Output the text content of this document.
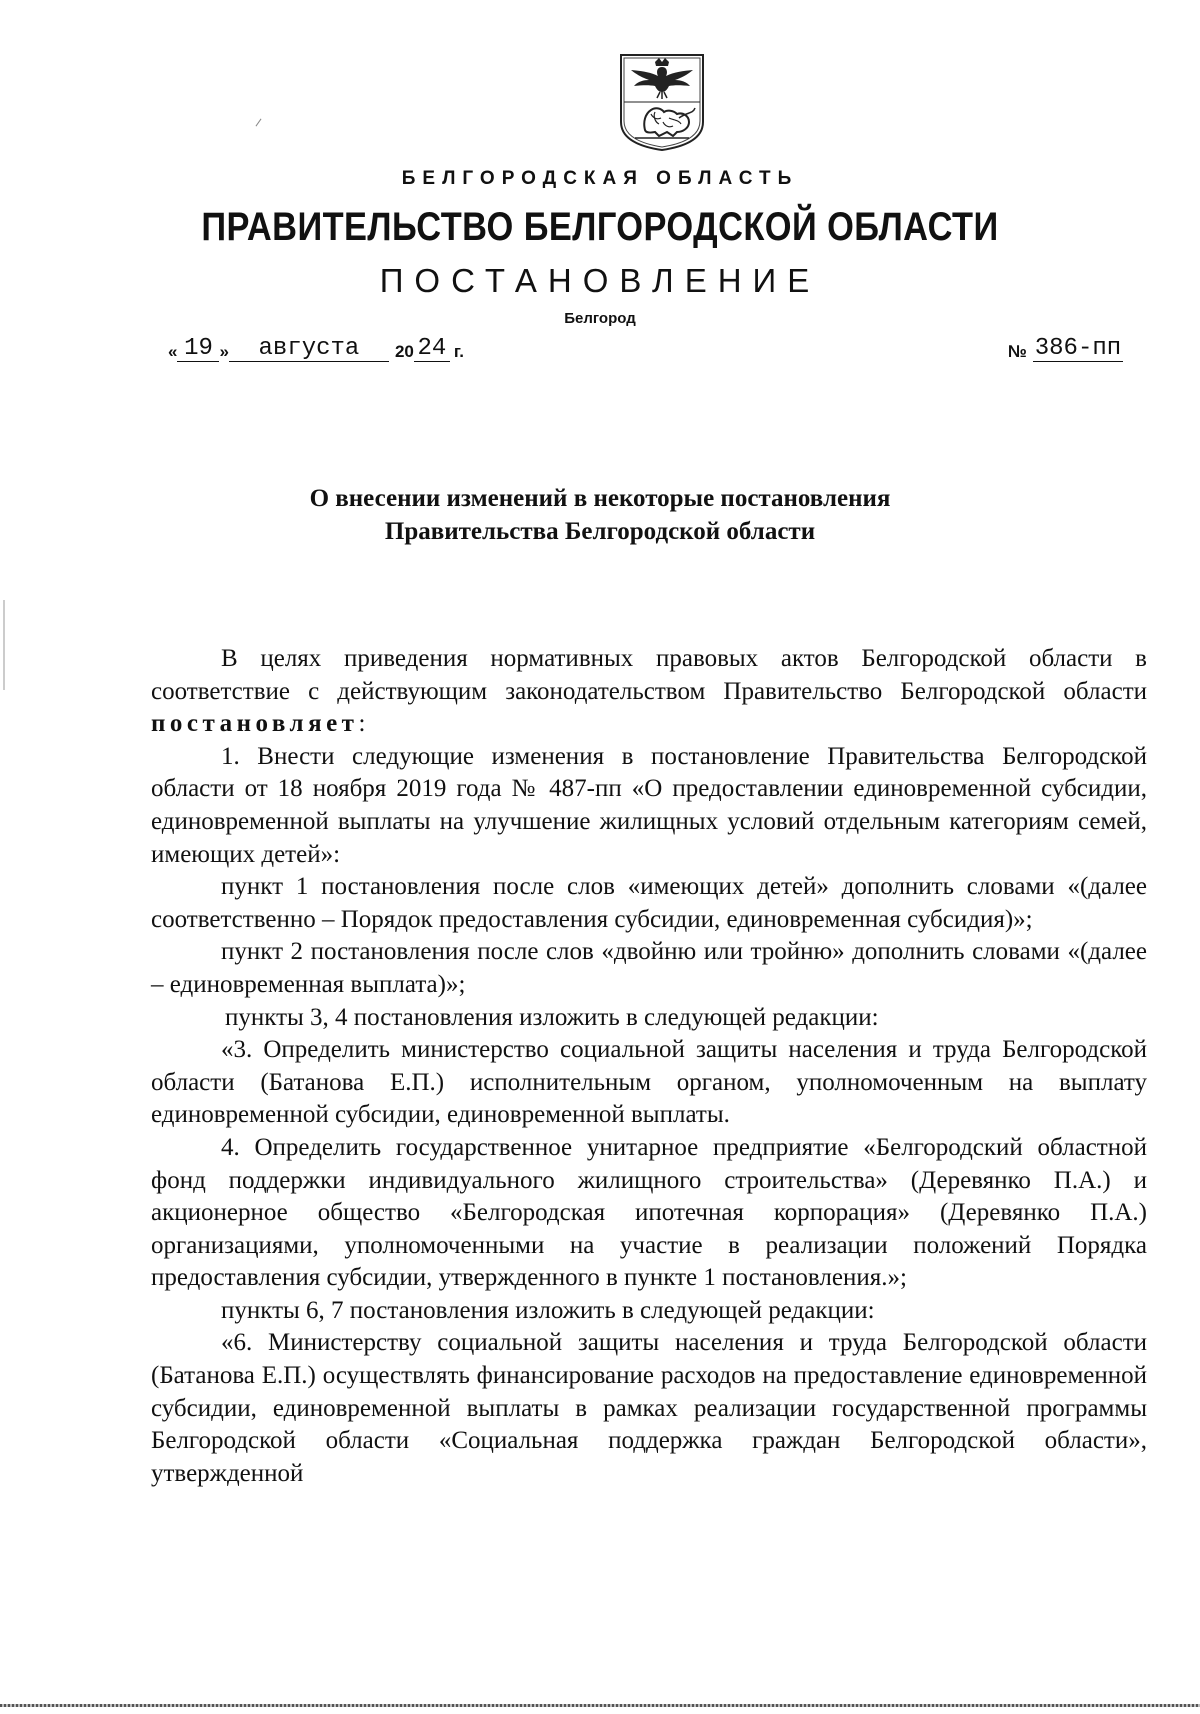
БЕЛГОРОДСКАЯ ОБЛАСТЬ
ПРАВИТЕЛЬСТВО БЕЛГОРОДСКОЙ ОБЛАСТИ
ПОСТАНОВЛЕНИЕ
Белгород
« 19 »	августа	20 24 г.	№ 386-пп
О внесении изменений в некоторые постановления
Правительства Белгородской области

В целях приведения нормативных правовых актов Белгородской области в соответствие с действующим законодательством Правительство Белгородской области постановляет:

1. Внести следующие изменения в постановление Правительства Белгородской области от 18 ноября 2019 года № 487-пп «О предоставлении единовременной субсидии, единовременной выплаты на улучшение жилищных условий отдельным категориям семей, имеющих детей»:

пункт 1 постановления после слов «имеющих детей» дополнить словами «(далее соответственно – Порядок предоставления субсидии, единовременная субсидия)»;

пункт 2 постановления после слов «двойню или тройню» дополнить словами «(далее – единовременная выплата)»;

пункты 3, 4 постановления изложить в следующей редакции:

«3. Определить министерство социальной защиты населения и труда Белгородской области (Батанова Е.П.) исполнительным органом, уполномоченным на выплату единовременной субсидии, единовременной выплаты.

4. Определить государственное унитарное предприятие «Белгородский областной фонд поддержки индивидуального жилищного строительства» (Деревянко П.А.) и акционерное общество «Белгородская ипотечная корпорация» (Деревянко П.А.) организациями, уполномоченными на участие в реализации положений Порядка предоставления субсидии, утвержденного в пункте 1 постановления.»;

пункты 6, 7 постановления изложить в следующей редакции:

«6. Министерству социальной защиты населения и труда Белгородской области (Батанова Е.П.) осуществлять финансирование расходов на предоставление единовременной субсидии, единовременной выплаты в рамках реализации государственной программы Белгородской области «Социальная поддержка граждан Белгородской области», утвержденной
